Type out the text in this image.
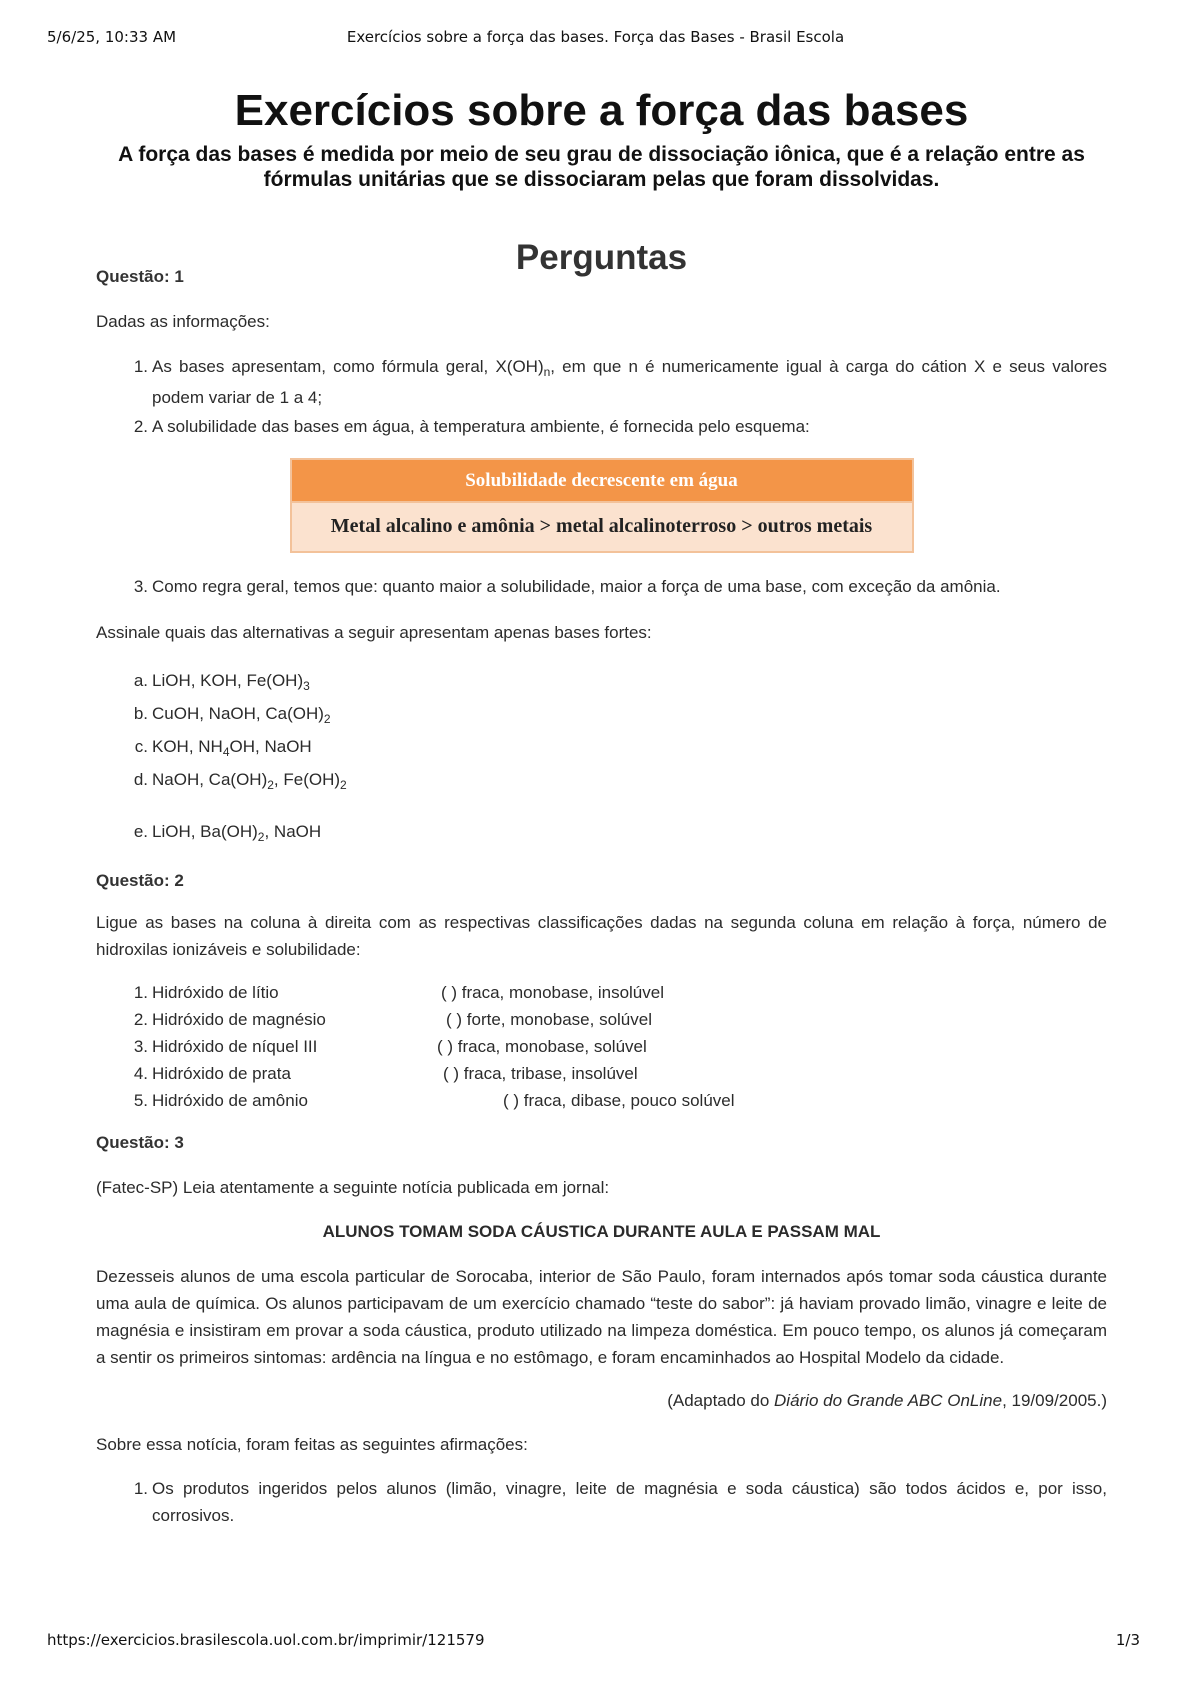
5/6/25, 10:33 AM	Exercícios sobre a força das bases. Força das Bases - Brasil Escola
Exercícios sobre a força das bases
A força das bases é medida por meio de seu grau de dissociação iônica, que é a relação entre as fórmulas unitárias que se dissociaram pelas que foram dissolvidas.
Perguntas
Questão: 1

Dadas as informações:

1. As bases apresentam, como fórmula geral, $X(OH)_n$, em que n é numericamente igual à carga do cátion X e seus valores podem variar de 1 a 4;
2. A solubilidade das bases em água, à temperatura ambiente, é fornecida pelo esquema:
Solubilidade decrescente em água
Metal alcalino e amônia > metal alcalinoterroso > outros metais
3. Como regra geral, temos que: quanto maior a solubilidade, maior a força de uma base, com exceção da amônia.

Assinale quais das alternativas a seguir apresentam apenas bases fortes:

a. LiOH, KOH, $Fe(OH)_3$
b. CuOH, NaOH, $Ca(OH)_2$
c. KOH, $NH_4OH$, NaOH
d. NaOH, $Ca(OH)_2$, $Fe(OH)_2$
e. LiOH, $Ba(OH)_2$, NaOH
Questão: 2

Ligue as bases na coluna à direita com as respectivas classificações dadas na segunda coluna em relação à força, número de hidroxilas ionizáveis e solubilidade:

1. Hidróxido de lítio	( ) fraca, monobase, insolúvel
2. Hidróxido de magnésio	( ) forte, monobase, solúvel
3. Hidróxido de níquel III	( ) fraca, monobase, solúvel
4. Hidróxido de prata	( ) fraca, tribase, insolúvel
5. Hidróxido de amônio	( ) fraca, dibase, pouco solúvel
Questão: 3

(Fatec-SP) Leia atentamente a seguinte notícia publicada em jornal:

ALUNOS TOMAM SODA CÁUSTICA DURANTE AULA E PASSAM MAL

Dezesseis alunos de uma escola particular de Sorocaba, interior de São Paulo, foram internados após tomar soda cáustica durante uma aula de química. Os alunos participavam de um exercício chamado “teste do sabor”: já haviam provado limão, vinagre e leite de magnésia e insistiram em provar a soda cáustica, produto utilizado na limpeza doméstica. Em pouco tempo, os alunos já começaram a sentir os primeiros sintomas: ardência na língua e no estômago, e foram encaminhados ao Hospital Modelo da cidade.

(Adaptado do Diário do Grande ABC OnLine, 19/09/2005.)

Sobre essa notícia, foram feitas as seguintes afirmações:

1. Os produtos ingeridos pelos alunos (limão, vinagre, leite de magnésia e soda cáustica) são todos ácidos e, por isso, corrosivos.
https://exercicios.brasilescola.uol.com.br/imprimir/121579	1/3
